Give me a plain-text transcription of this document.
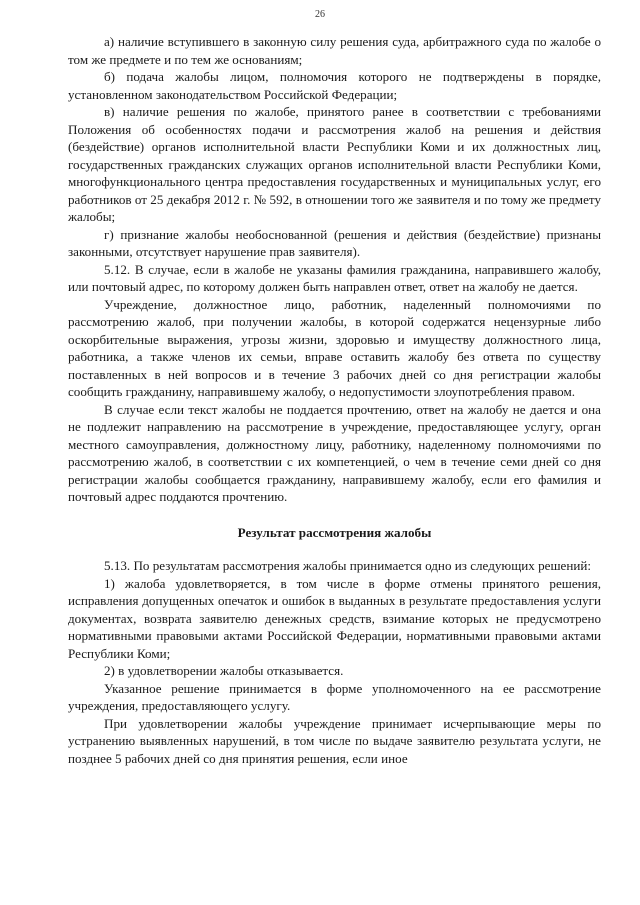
26

а) наличие вступившего в законную силу решения суда, арбитражного суда по жалобе о том же предмете и по тем же основаниям;

б) подача жалобы лицом, полномочия которого не подтверждены в порядке, установленном законодательством Российской Федерации;

в) наличие решения по жалобе, принятого ранее в соответствии с требованиями Положения об особенностях подачи и рассмотрения жалоб на решения и действия (бездействие) органов исполнительной власти Республики Коми и их должностных лиц, государственных гражданских служащих органов исполнительной власти Республики Коми, многофункционального центра предоставления государственных и муниципальных услуг, его работников от 25 декабря 2012 г. № 592, в отношении того же заявителя и по тому же предмету жалобы;

г) признание жалобы необоснованной (решения и действия (бездействие) признаны законными, отсутствует нарушение прав заявителя).

5.12. В случае, если в жалобе не указаны фамилия гражданина, направившего жалобу, или почтовый адрес, по которому должен быть направлен ответ, ответ на жалобу не дается.

Учреждение, должностное лицо, работник, наделенный полномочиями по рассмотрению жалоб, при получении жалобы, в которой содержатся нецензурные либо оскорбительные выражения, угрозы жизни, здоровью и имуществу должностного лица, работника, а также членов их семьи, вправе оставить жалобу без ответа по существу поставленных в ней вопросов и в течение 3 рабочих дней со дня регистрации жалобы сообщить гражданину, направившему жалобу, о недопустимости злоупотребления правом.

В случае если текст жалобы не поддается прочтению, ответ на жалобу не дается и она не подлежит направлению на рассмотрение в учреждение, предоставляющее услугу, орган местного самоуправления, должностному лицу, работнику, наделенному полномочиями по рассмотрению жалоб, в соответствии с их компетенцией, о чем в течение семи дней со дня регистрации жалобы сообщается гражданину, направившему жалобу, если его фамилия и почтовый адрес поддаются прочтению.

Результат рассмотрения жалобы

5.13. По результатам рассмотрения жалобы принимается одно из следующих решений:

1) жалоба удовлетворяется, в том числе в форме отмены принятого решения, исправления допущенных опечаток и ошибок в выданных в результате предоставления услуги документах, возврата заявителю денежных средств, взимание которых не предусмотрено нормативными правовыми актами Российской Федерации, нормативными правовыми актами Республики Коми;

2) в удовлетворении жалобы отказывается.

Указанное решение принимается в форме уполномоченного на ее рассмотрение учреждения, предоставляющего услугу.

При удовлетворении жалобы учреждение принимает исчерпывающие меры по устранению выявленных нарушений, в том числе по выдаче заявителю результата услуги, не позднее 5 рабочих дней со дня принятия решения, если иное
